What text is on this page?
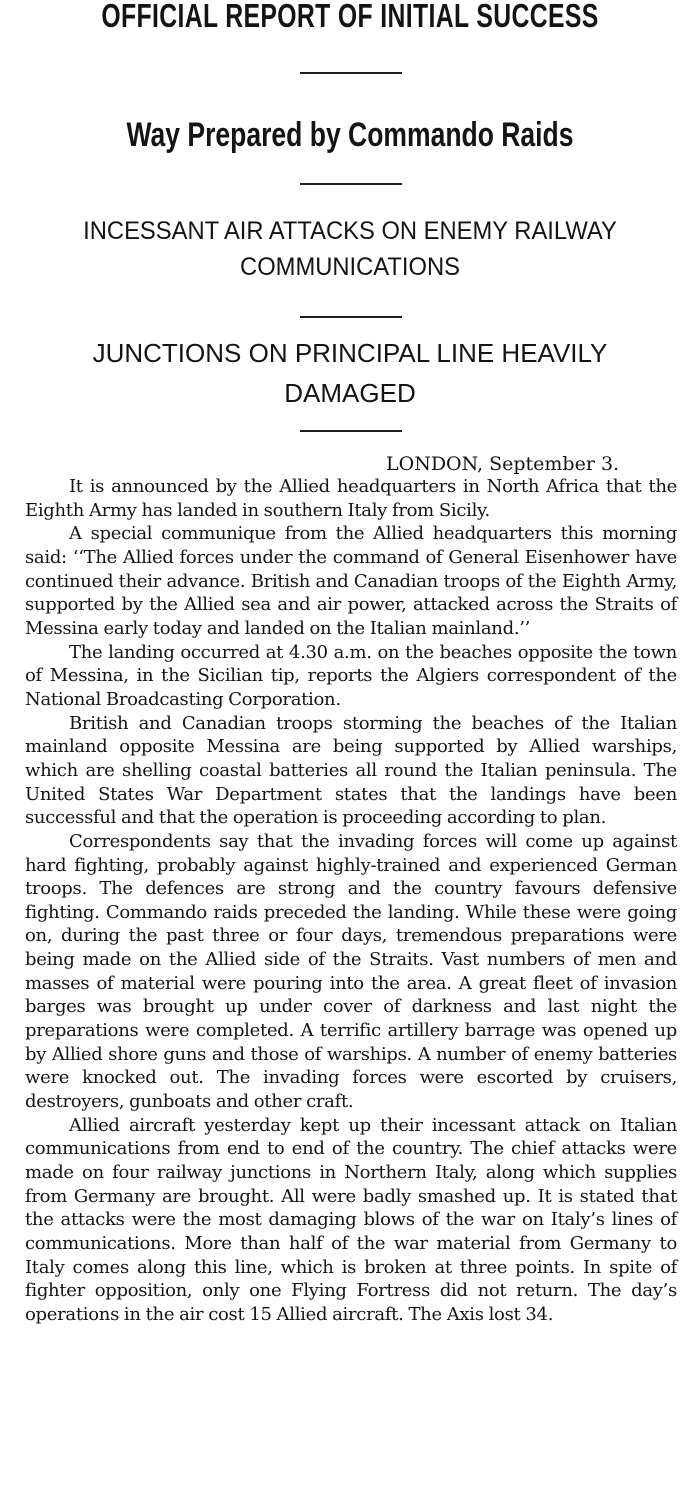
OFFICIAL REPORT OF INITIAL SUCCESS
Way Prepared by Commando Raids
INCESSANT AIR ATTACKS ON ENEMY RAILWAY
COMMUNICATIONS
JUNCTIONS ON PRINCIPAL LINE HEAVILY
DAMAGED

LONDON, September 3.

It is announced by the Allied headquarters in North Africa that the Eighth Army has landed in southern Italy from Sicily.

A special communique from the Allied headquarters this morning said: ‘‘The Allied forces under the command of General Eisenhower have continued their advance. British and Canadian troops of the Eighth Army, supported by the Allied sea and air power, attacked across the Straits of Messina early today and landed on the Italian mainland.’’

The landing occurred at 4.30 a.m. on the beaches opposite the town of Messina, in the Sicilian tip, reports the Algiers correspondent of the National Broadcasting Corporation.

British and Canadian troops storming the beaches of the Italian mainland opposite Messina are being supported by Allied warships, which are shelling coastal batteries all round the Italian peninsula. The United States War Department states that the landings have been successful and that the operation is proceeding according to plan.

Correspondents say that the invading forces will come up against hard fighting, probably against highly-trained and experienced German troops. The defences are strong and the country favours defensive fighting. Commando raids preceded the landing. While these were going on, during the past three or four days, tremendous preparations were being made on the Allied side of the Straits. Vast numbers of men and masses of material were pouring into the area. A great fleet of invasion barges was brought up under cover of darkness and last night the preparations were completed. A terrific artillery barrage was opened up by Allied shore guns and those of warships. A number of enemy batteries were knocked out. The invading forces were escorted by cruisers, destroyers, gunboats and other craft.

Allied aircraft yesterday kept up their incessant attack on Italian communications from end to end of the country. The chief attacks were made on four railway junctions in Northern Italy, along which supplies from Germany are brought. All were badly smashed up. It is stated that the attacks were the most damaging blows of the war on Italy’s lines of communications. More than half of the war material from Germany to Italy comes along this line, which is broken at three points. In spite of fighter opposition, only one Flying Fortress did not return. The day’s operations in the air cost 15 Allied aircraft. The Axis lost 34.
